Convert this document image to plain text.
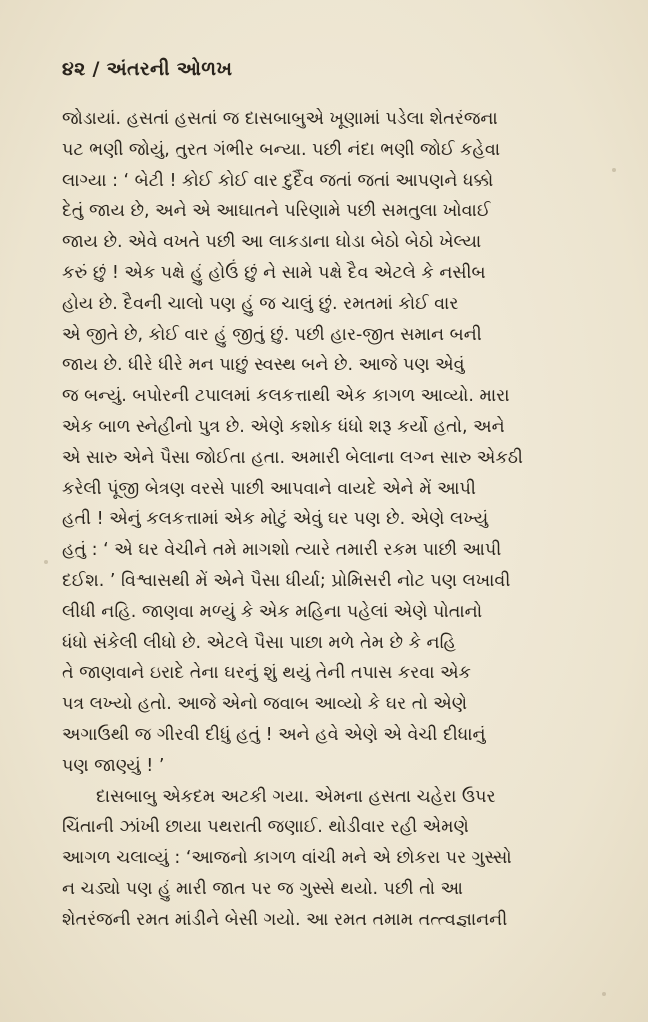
૪૨ / અંતરની ઓળખ
જોડાયાં. હસતાં હસતાં જ દાસબાબુએ ખૂણામાં પડેલા શેતરંજના
પટ ભણી જોયું, તુરત ગંભીર બન્યા. પછી નંદા ભણી જોઈ કહેવા
લાગ્યા : ‘ બેટી ! કોઈ કોઈ વાર દુર્દૈવ જતાં જતાં આપણને ધક્કો
દેતું જાય છે, અને એ આઘાતને પરિણામે પછી સમતુલા ખોવાઈ
જાય છે. એવે વખતે પછી આ લાકડાના ઘોડા બેઠો બેઠો ખેલ્યા
કરું છું ! એક પક્ષે હું હોઉં છું ને સામે પક્ષે દૈવ એટલે કે નસીબ
હોય છે. દૈવની ચાલો પણ હું જ ચાલું છું. રમતમાં કોઈ વાર
એ જીતે છે, કોઈ વાર હું જીતું છું. પછી હાર-જીત સમાન બની
જાય છે. ધીરે ધીરે મન પાછું સ્વસ્થ બને છે. આજે પણ એવું
જ બન્યું. બપોરની ટપાલમાં કલકત્તાથી એક કાગળ આવ્યો. મારા
એક બાળ સ્નેહીનો પુત્ર છે. એણે કશોક ધંધો શરૂ કર્યો હતો, અને
એ સારુ એને પૈસા જોઈતા હતા. અમારી બેલાના લગ્ન સારુ એકઠી
કરેલી પૂંજી બેત્રણ વરસે પાછી આપવાને વાયદે એને મેં આપી
હતી ! એનું કલકત્તામાં એક મોટું એવું ઘર પણ છે. એણે લખ્યું
હતું : ‘ એ ઘર વેચીને તમે માગશો ત્યારે તમારી રકમ પાછી આપી
દઈશ. ’ વિશ્વાસથી મેં એને પૈસા ધીર્યા; પ્રોમિસરી નોટ પણ લખાવી
લીધી નહિ. જાણવા મળ્યું કે એક મહિના પહેલાં એણે પોતાનો
ધંધો સંકેલી લીધો છે. એટલે પૈસા પાછા મળે તેમ છે કે નહિ
તે જાણવાને ઇરાદે તેના ઘરનું શું થયું તેની તપાસ કરવા એક
પત્ર લખ્યો હતો. આજે એનો જવાબ આવ્યો કે ઘર તો એણે
અગાઉથી જ ગીરવી દીધું હતું ! અને હવે એણે એ વેચી દીધાનું
પણ જાણ્યું ! ’
દાસબાબુ એકદમ અટકી ગયા. એમના હસતા ચહેરા ઉપર
ચિંતાની ઝાંખી છાયા પથરાતી જણાઈ. થોડીવાર રહી એમણે
આગળ ચલાવ્યું : ‘આજનો કાગળ વાંચી મને એ છોકરા પર ગુસ્સો
ન ચડ્યો પણ હું મારી જાત પર જ ગુસ્સે થયો. પછી તો આ
શેતરંજની રમત માંડીને બેસી ગયો. આ રમત તમામ તત્ત્વજ્ઞાનની
